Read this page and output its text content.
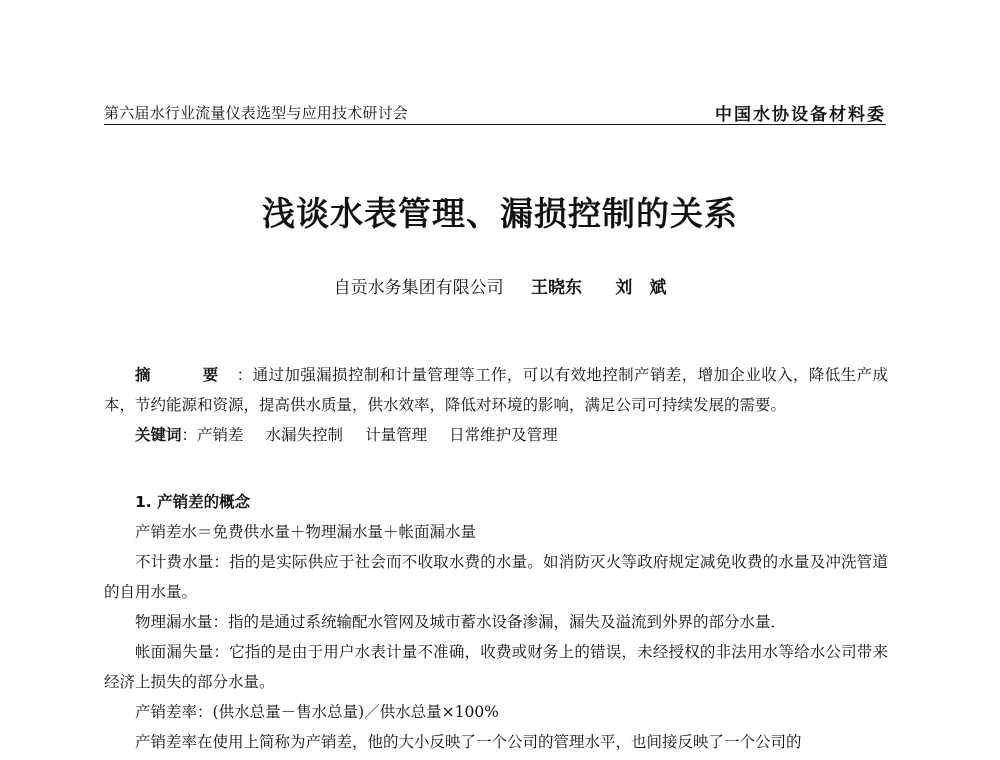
第六届水行业流量仪表选型与应用技术研讨会	中国水协设备材料委
浅谈水表管理、漏损控制的关系
自贡水务集团有限公司 王晓东 刘　斌

摘　要：通过加强漏损控制和计量管理等工作，可以有效地控制产销差，增加企业收入，降低生产成本，节约能源和资源，提高供水质量，供水效率，降低对环境的影响，满足公司可持续发展的需要。

关键词：产销差 水漏失控制 计量管理 日常维护及管理

1. 产销差的概念

产销差水＝免费供水量＋物理漏水量＋帐面漏水量

不计费水量：指的是实际供应于社会而不收取水费的水量。如消防灭火等政府规定减免收费的水量及冲洗管道的自用水量。

物理漏水量：指的是通过系统输配水管网及城市蓄水设备渗漏，漏失及溢流到外界的部分水量．

帐面漏失量：它指的是由于用户水表计量不准确，收费或财务上的错误，未经授权的非法用水等给水公司带来经济上损失的部分水量。

产销差率：(供水总量－售水总量)／供水总量×100%

产销差率在使用上简称为产销差，他的大小反映了一个公司的管理水平，也间接反映了一个公司的
